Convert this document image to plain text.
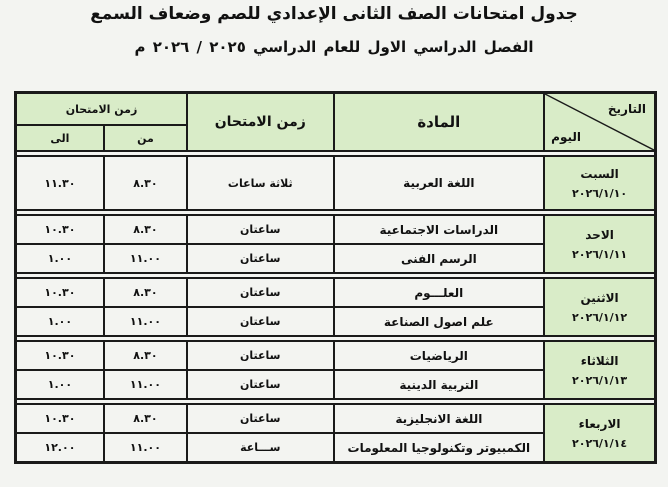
جدول امتحانات الصف الثانى الإعدادي للصم وضعاف السمع
الفصل الدراسي الاول للعام الدراسي ٢٠٢٥ / ٢٠٢٦ م
التاريخ
اليوم	المادة	زمن الامتحان	زمن الامتحان	
			من	الى

السبت
٢٠٢٦/١/١٠	اللغة العربية	ثلاثة ساعات	٨.٣٠	١١.٣٠

الاحد
٢٠٢٦/١/١١	الدراسات الاجتماعية	ساعتان	٨.٣٠	١٠.٣٠
	الرسم الفنى	ساعتان	١١.٠٠	١.٠٠

الاثنين
٢٠٢٦/١/١٢	العلـــوم	ساعتان	٨.٣٠	١٠.٣٠
	علم اصول الصناعة	ساعتان	١١.٠٠	١.٠٠

الثلاثاء
٢٠٢٦/١/١٣	الرياضيات	ساعتان	٨.٣٠	١٠.٣٠
	التربية الدينية	ساعتان	١١.٠٠	١.٠٠

الاربعاء
٢٠٢٦/١/١٤	اللغة الانجليزية	ساعتان	٨.٣٠	١٠.٣٠
	الكمبيوتر وتكنولوجيا المعلومات	ســـاعة	١١.٠٠	١٢.٠٠
